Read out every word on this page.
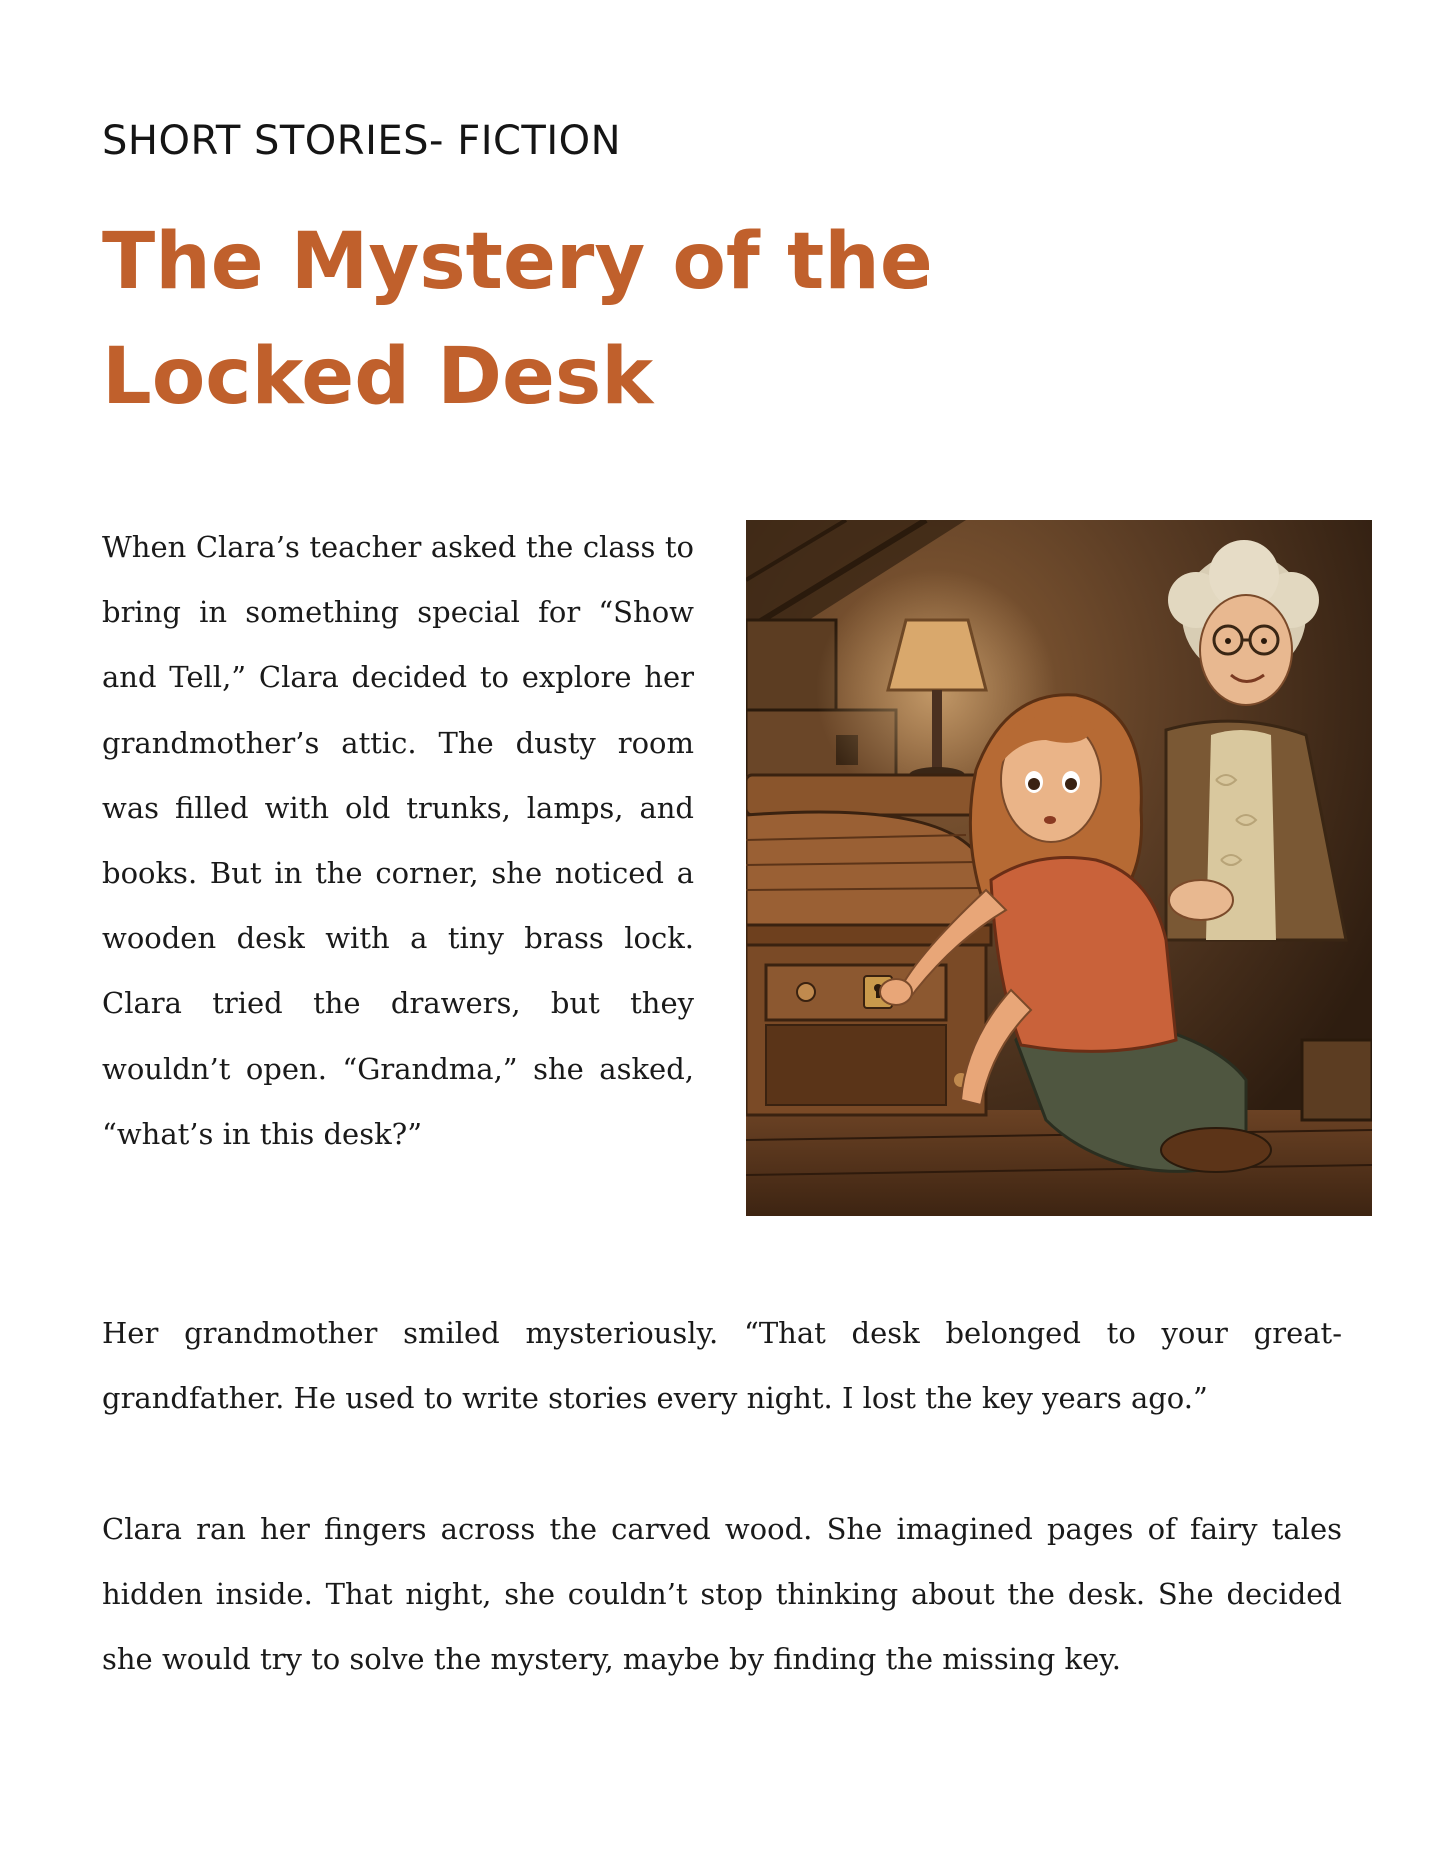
SHORT STORIES- FICTION
The Mystery of the
Locked Desk

When Clara’s teacher asked the class to bring in something special for “Show and Tell,” Clara decided to explore her grandmother’s attic. The dusty room was filled with old trunks, lamps, and books. But in the corner, she noticed a wooden desk with a tiny brass lock. Clara tried the drawers, but they wouldn’t open. “Grandma,” she asked, “what’s in this desk?”

Her grandmother smiled mysteriously. “That desk belonged to your great-grandfather. He used to write stories every night. I lost the key years ago.”

Clara ran her fingers across the carved wood. She imagined pages of fairy tales hidden inside. That night, she couldn’t stop thinking about the desk. She decided she would try to solve the mystery, maybe by finding the missing key.
